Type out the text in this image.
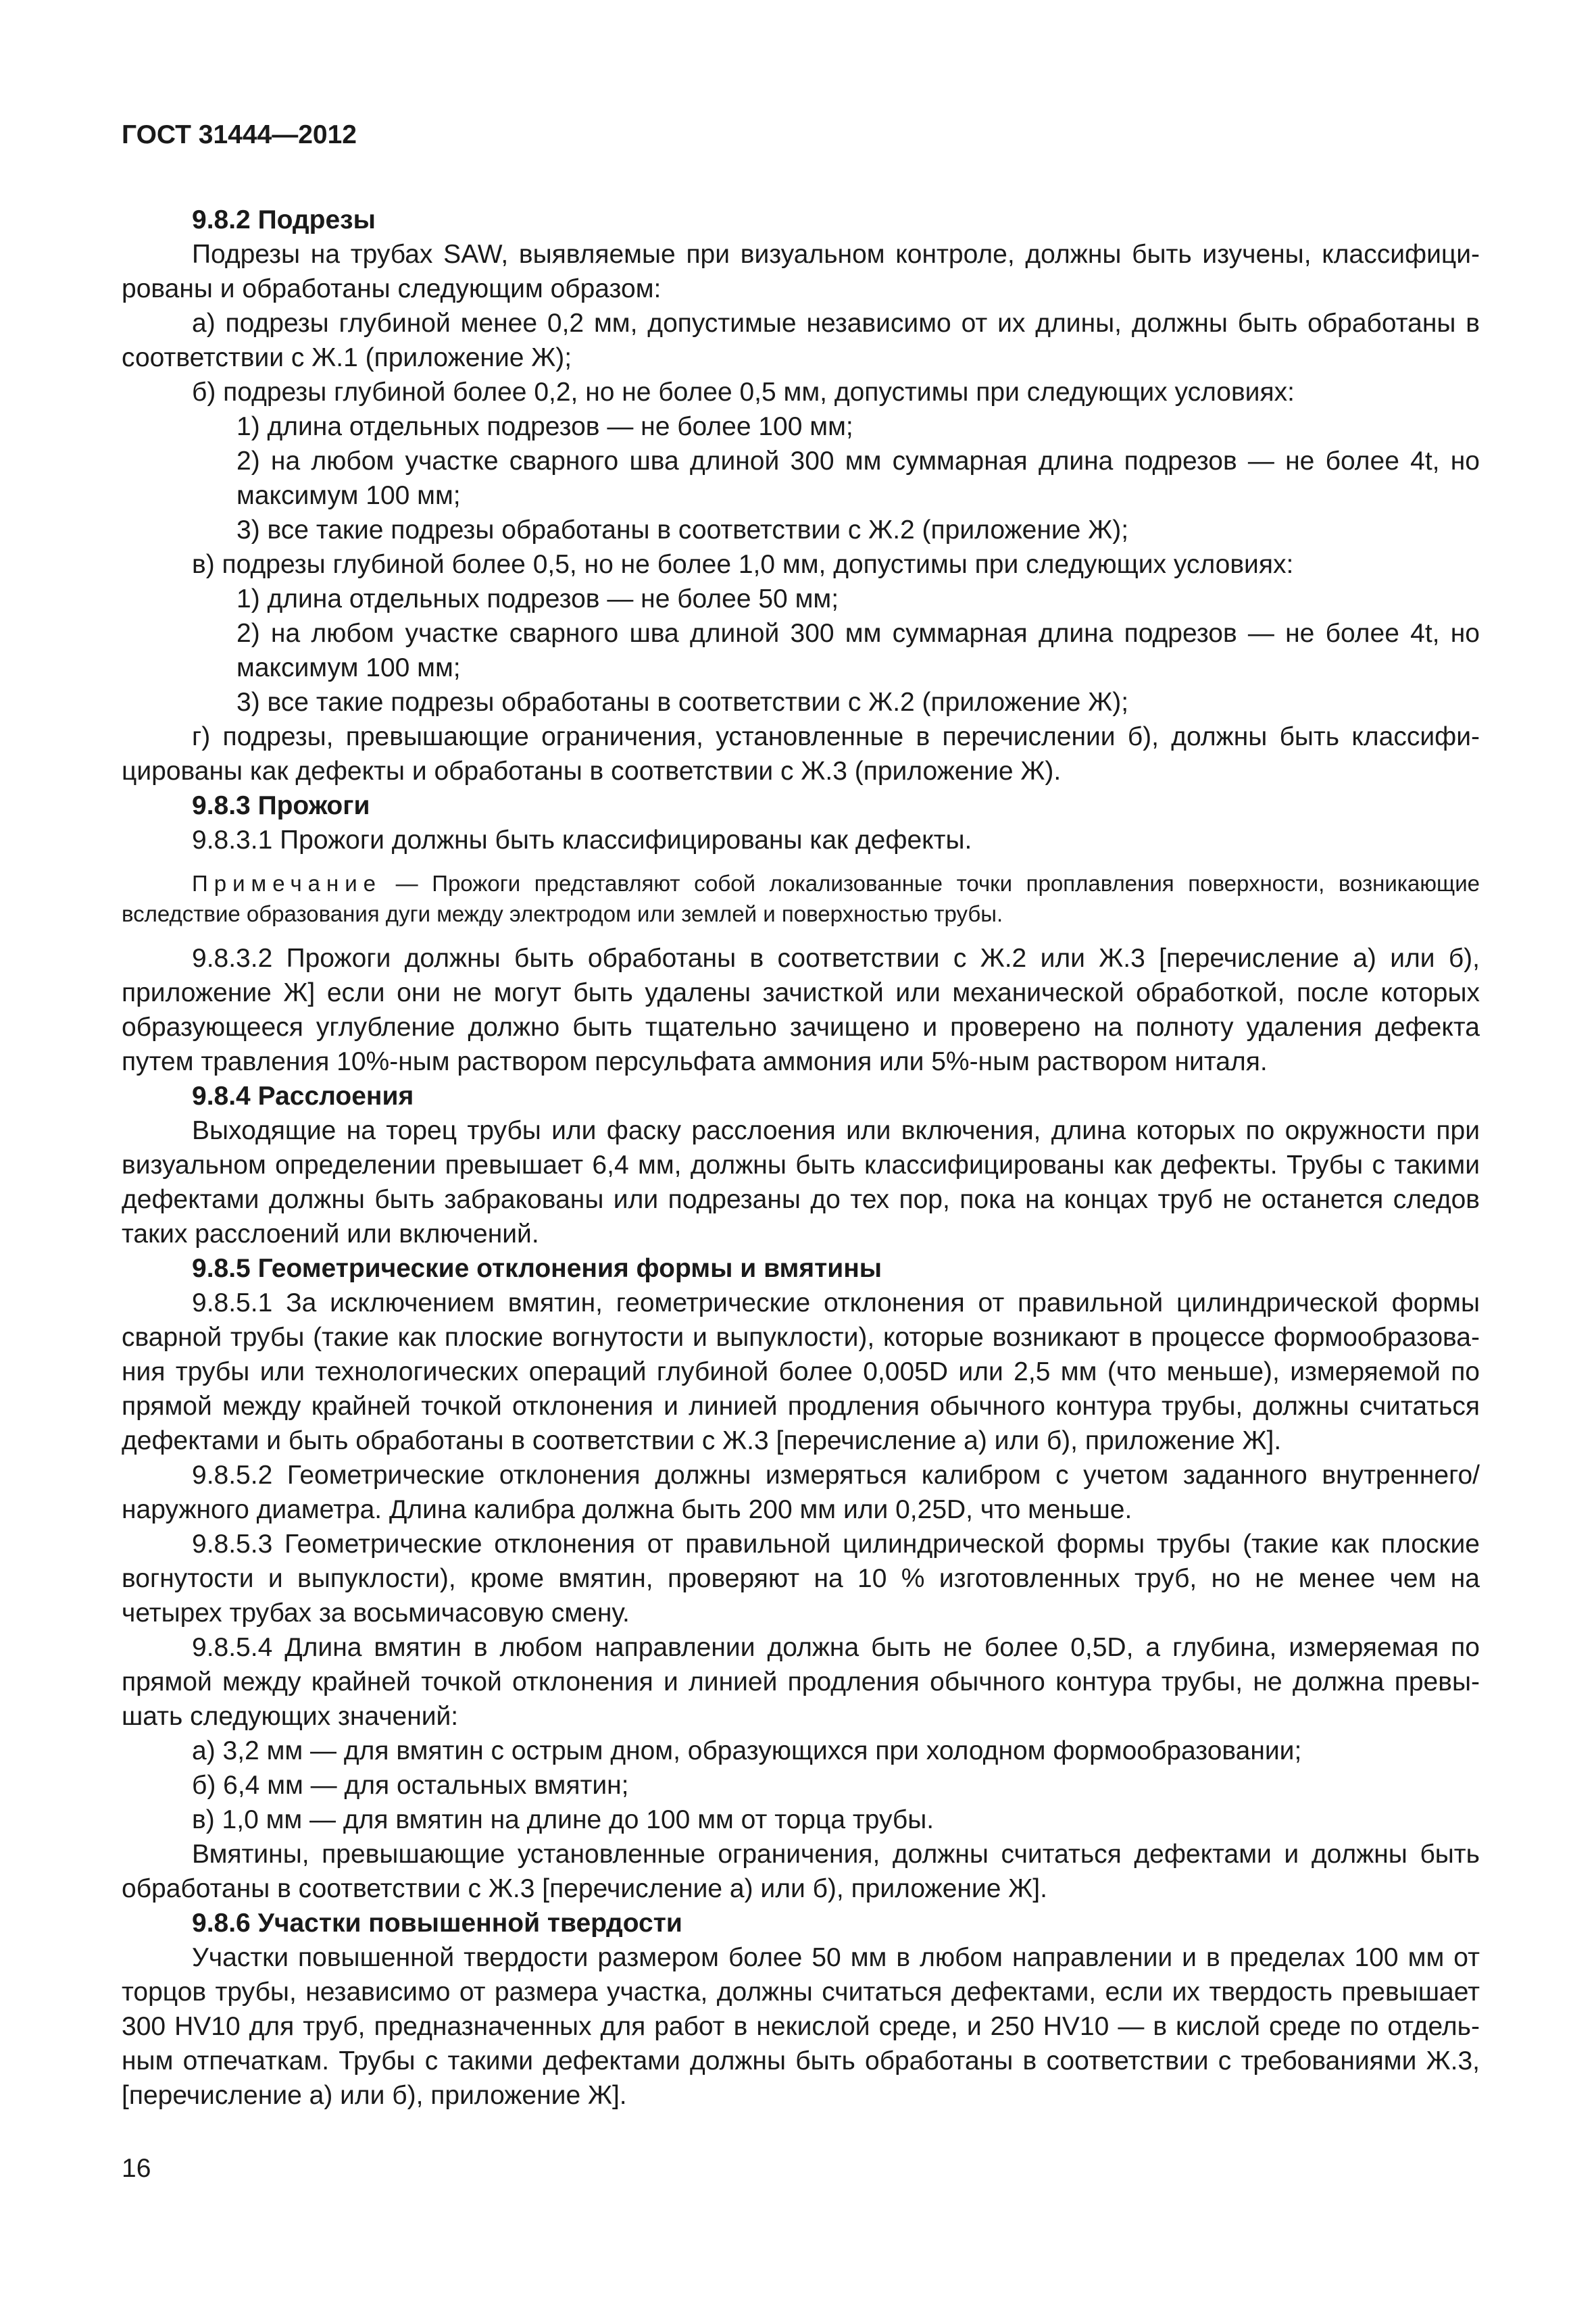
ГОСТ 31444—2012

9.8.2 Подрезы

Подрезы на трубах SAW, выявляемые при визуальном контроле, должны быть изучены, классифицированы и обработаны следующим образом:

а) подрезы глубиной менее 0,2 мм, допустимые независимо от их длины, должны быть обработаны в соответствии с Ж.1 (приложение Ж);

б) подрезы глубиной более 0,2, но не более 0,5 мм, допустимы при следующих условиях:

1) длина отдельных подрезов — не более 100 мм;

2) на любом участке сварного шва длиной 300 мм суммарная длина подрезов — не более 4t, но максимум 100 мм;

3) все такие подрезы обработаны в соответствии с Ж.2 (приложение Ж);

в) подрезы глубиной более 0,5, но не более 1,0 мм, допустимы при следующих условиях:

1) длина отдельных подрезов — не более 50 мм;

2) на любом участке сварного шва длиной 300 мм суммарная длина подрезов — не более 4t, но максимум 100 мм;

3) все такие подрезы обработаны в соответствии с Ж.2 (приложение Ж);

г) подрезы, превышающие ограничения, установленные в перечислении б), должны быть классифицированы как дефекты и обработаны в соответствии с Ж.3 (приложение Ж).

9.8.3 Прожоги

9.8.3.1 Прожоги должны быть классифицированы как дефекты.

Примечание — Прожоги представляют собой локализованные точки проплавления поверхности, возникающие вследствие образования дуги между электродом или землей и поверхностью трубы.

9.8.3.2 Прожоги должны быть обработаны в соответствии с Ж.2 или Ж.3 [перечисление а) или б), приложение Ж] если они не могут быть удалены зачисткой или механической обработкой, после которых образующееся углубление должно быть тщательно зачищено и проверено на полноту удаления дефекта путем травления 10%-ным раствором персульфата аммония или 5%-ным раствором ниталя.

9.8.4 Расслоения

Выходящие на торец трубы или фаску расслоения или включения, длина которых по окружности при визуальном определении превышает 6,4 мм, должны быть классифицированы как дефекты. Трубы с такими дефектами должны быть забракованы или подрезаны до тех пор, пока на концах труб не останется следов таких расслоений или включений.

9.8.5 Геометрические отклонения формы и вмятины

9.8.5.1 За исключением вмятин, геометрические отклонения от правильной цилиндрической формы сварной трубы (такие как плоские вогнутости и выпуклости), которые возникают в процессе формообразования трубы или технологических операций глубиной более 0,005D или 2,5 мм (что меньше), измеряемой по прямой между крайней точкой отклонения и линией продления обычного контура трубы, должны считаться дефектами и быть обработаны в соответствии с Ж.3 [перечисление а) или б), приложение Ж].

9.8.5.2 Геометрические отклонения должны измеряться калибром с учетом заданного внутреннего/наружного диаметра. Длина калибра должна быть 200 мм или 0,25D, что меньше.

9.8.5.3 Геометрические отклонения от правильной цилиндрической формы трубы (такие как плоские вогнутости и выпуклости), кроме вмятин, проверяют на 10 % изготовленных труб, но не менее чем на четырех трубах за восьмичасовую смену.

9.8.5.4 Длина вмятин в любом направлении должна быть не более 0,5D, а глубина, измеряемая по прямой между крайней точкой отклонения и линией продления обычного контура трубы, не должна превышать следующих значений:

а) 3,2 мм — для вмятин с острым дном, образующихся при холодном формообразовании;

б) 6,4 мм — для остальных вмятин;

в) 1,0 мм — для вмятин на длине до 100 мм от торца трубы.

Вмятины, превышающие установленные ограничения, должны считаться дефектами и должны быть обработаны в соответствии с Ж.3 [перечисление а) или б), приложение Ж].

9.8.6 Участки повышенной твердости

Участки повышенной твердости размером более 50 мм в любом направлении и в пределах 100 мм от торцов трубы, независимо от размера участка, должны считаться дефектами, если их твердость превышает 300 HV10 для труб, предназначенных для работ в некислой среде, и 250 HV10 — в кислой среде по отдельным отпечаткам. Трубы с такими дефектами должны быть обработаны в соответствии с требованиями Ж.3, [перечисление а) или б), приложение Ж].

16
